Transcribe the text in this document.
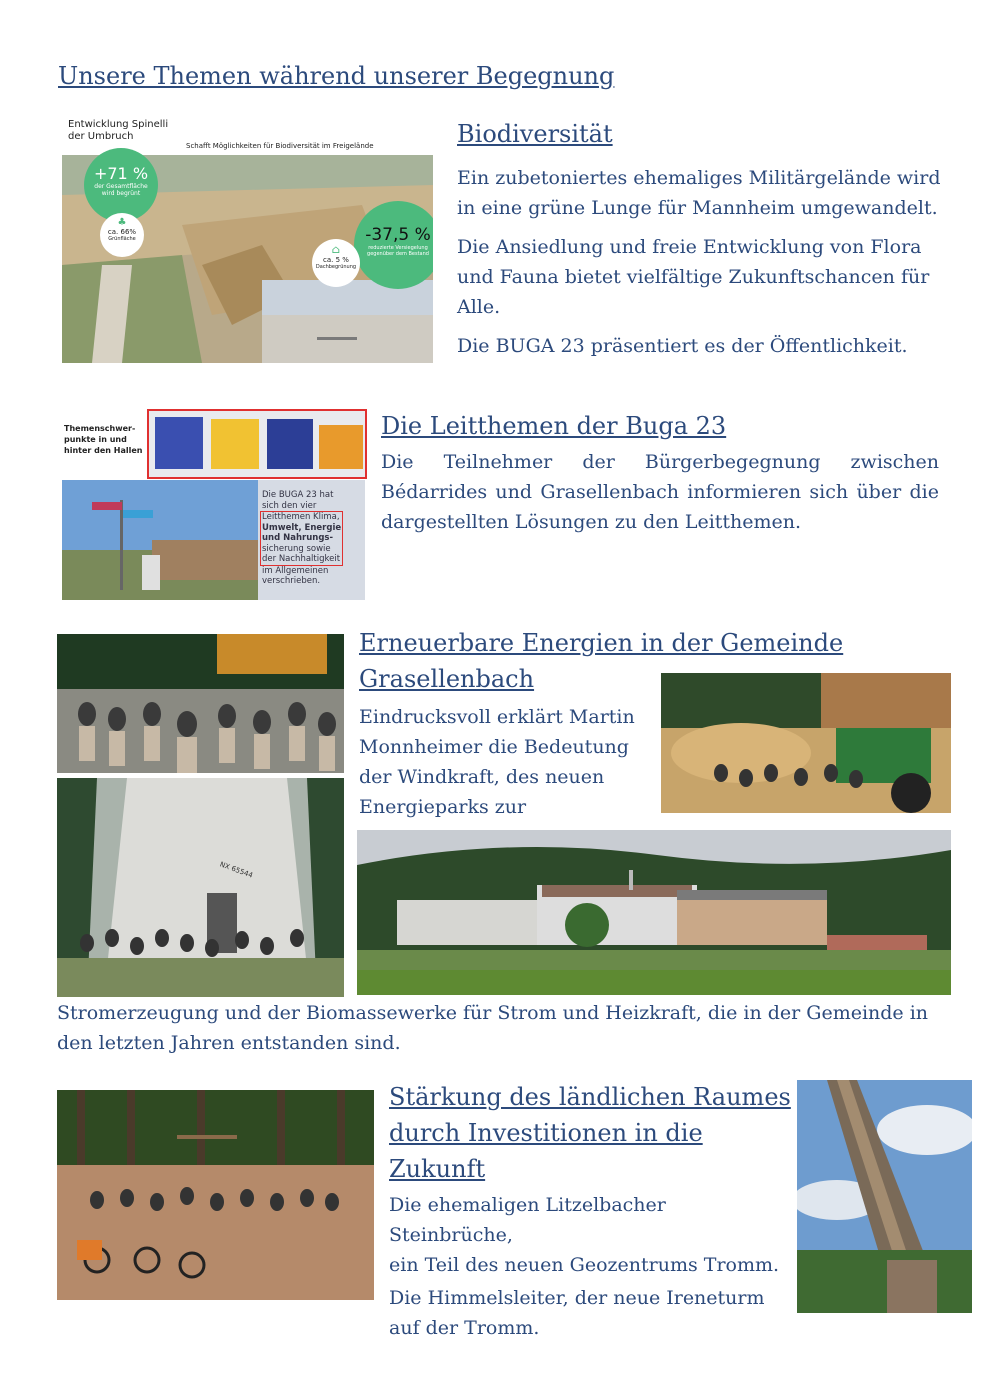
Unsere Themen während unserer Begegnung
Entwicklung Spinelli
der Umbruch
Schafft Möglichkeiten für Biodiversität im Freigelände
+71 %
der Gesamtfläche
wird begrünt
♣
ca. 66%
Grünfläche	-37,5 %
reduzierte Versiegelung
gegenüber dem Bestand
⌂
ca. 5 %
Dachbegrünung
Biodiversität

Ein zubetoniertes ehemaliges Militärgelände wird in eine grüne Lunge für Mannheim umgewandelt.

Die Ansiedlung und freie Entwicklung von Flora und Fauna bietet vielfältige Zukunftschancen für Alle.

Die BUGA 23 präsentiert es der Öffentlichkeit.

Themenschwer-
punkte in und
hinter den Hallen
Die BUGA 23 hat
sich den vier
Leitthemen Klima,
Umwelt, Energie
und Nahrungs-
sicherung sowie
der Nachhaltigkeit
im Allgemeinen
verschrieben.
Die Leitthemen der Buga 23

Die Teilnehmer der Bürgerbegegnung zwischen Bédarrides und Grasellenbach informieren sich über die dargestellten Lösungen zu den Leitthemen.

NX 65544
Erneuerbare Energien in der Gemeinde
Grasellenbach
Eindrucksvoll erklärt Martin
Monnheimer die Bedeutung
der Windkraft, des neuen
Energieparks zur

Stromerzeugung und der Biomassewerke für Strom und Heizkraft, die in der Gemeinde in den letzten Jahren entstanden sind.

Stärkung des ländlichen Raumes
durch Investitionen in die
Zukunft
Die ehemaligen Litzelbacher Steinbrüche,
ein Teil des neuen Geozentrums Tromm.
Die Himmelsleiter, der neue Ireneturm
auf der Tromm.
